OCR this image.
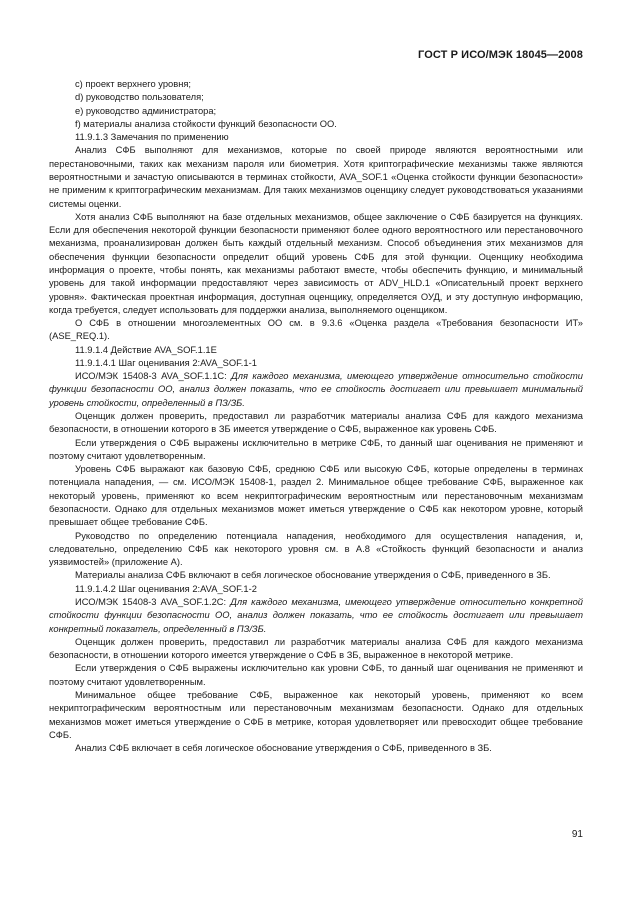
ГОСТ Р ИСО/МЭК 18045—2008

c) проект верхнего уровня;

d) руководство пользователя;

e) руководство администратора;

f) материалы анализа стойкости функций безопасности ОО.

11.9.1.3 Замечания по применению

Анализ СФБ выполняют для механизмов, которые по своей природе являются вероятностными или перестановочными, таких как механизм пароля или биометрия. Хотя криптографические механизмы также являются вероятностными и зачастую описываются в терминах стойкости, AVA_SOF.1 «Оценка стойкости функции безопасности» не применим к криптографическим механизмам. Для таких механизмов оценщику следует руководствоваться указаниями системы оценки.

Хотя анализ СФБ выполняют на базе отдельных механизмов, общее заключение о СФБ базируется на функциях. Если для обеспечения некоторой функции безопасности применяют более одного вероятностного или перестановочного механизма, проанализирован должен быть каждый отдельный механизм. Способ объединения этих механизмов для обеспечения функции безопасности определит общий уровень СФБ для этой функции. Оценщику необходима информация о проекте, чтобы понять, как механизмы работают вместе, чтобы обеспечить функцию, и минимальный уровень для такой информации предоставляют через зависимость от ADV_HLD.1 «Описательный проект верхнего уровня». Фактическая проектная информация, доступная оценщику, определяется ОУД, и эту доступную информацию, когда требуется, следует использовать для поддержки анализа, выполняемого оценщиком.

О СФБ в отношении многоэлементных ОО см. в 9.3.6 «Оценка раздела «Требования безопасности ИТ» (ASE_REQ.1).

11.9.1.4 Действие AVA_SOF.1.1E

11.9.1.4.1 Шаг оценивания 2:AVA_SOF.1-1

ИСО/МЭК 15408-3 AVA_SOF.1.1C: Для каждого механизма, имеющего утверждение относительно стойкости функции безопасности ОО, анализ должен показать, что ее стойкость достигает или превышает минимальный уровень стойкости, определенный в ПЗ/ЗБ.

Оценщик должен проверить, предоставил ли разработчик материалы анализа СФБ для каждого механизма безопасности, в отношении которого в ЗБ имеется утверждение о СФБ, выраженное как уровень СФБ.

Если утверждения о СФБ выражены исключительно в метрике СФБ, то данный шаг оценивания не применяют и поэтому считают удовлетворенным.

Уровень СФБ выражают как базовую СФБ, среднюю СФБ или высокую СФБ, которые определены в терминах потенциала нападения, — см. ИСО/МЭК 15408-1, раздел 2. Минимальное общее требование СФБ, выраженное как некоторый уровень, применяют ко всем некриптографическим вероятностным или перестановочным механизмам безопасности. Однако для отдельных механизмов может иметься утверждение о СФБ как некотором уровне, который превышает общее требование СФБ.

Руководство по определению потенциала нападения, необходимого для осуществления нападения, и, следовательно, определению СФБ как некоторого уровня см. в А.8 «Стойкость функций безопасности и анализ уязвимостей» (приложение А).

Материалы анализа СФБ включают в себя логическое обоснование утверждения о СФБ, приведенного в ЗБ.

11.9.1.4.2 Шаг оценивания 2:AVA_SOF.1-2

ИСО/МЭК 15408-3 AVA_SOF.1.2C: Для каждого механизма, имеющего утверждение относительно конкретной стойкости функции безопасности ОО, анализ должен показать, что ее стойкость достигает или превышает конкретный показатель, определенный в ПЗ/ЗБ.

Оценщик должен проверить, предоставил ли разработчик материалы анализа СФБ для каждого механизма безопасности, в отношении которого имеется утверждение о СФБ в ЗБ, выраженное в некоторой метрике.

Если утверждения о СФБ выражены исключительно как уровни СФБ, то данный шаг оценивания не применяют и поэтому считают удовлетворенным.

Минимальное общее требование СФБ, выраженное как некоторый уровень, применяют ко всем некриптографическим вероятностным или перестановочным механизмам безопасности. Однако для отдельных механизмов может иметься утверждение о СФБ в метрике, которая удовлетворяет или превосходит общее требование СФБ.

Анализ СФБ включает в себя логическое обоснование утверждения о СФБ, приведенного в ЗБ.

91
